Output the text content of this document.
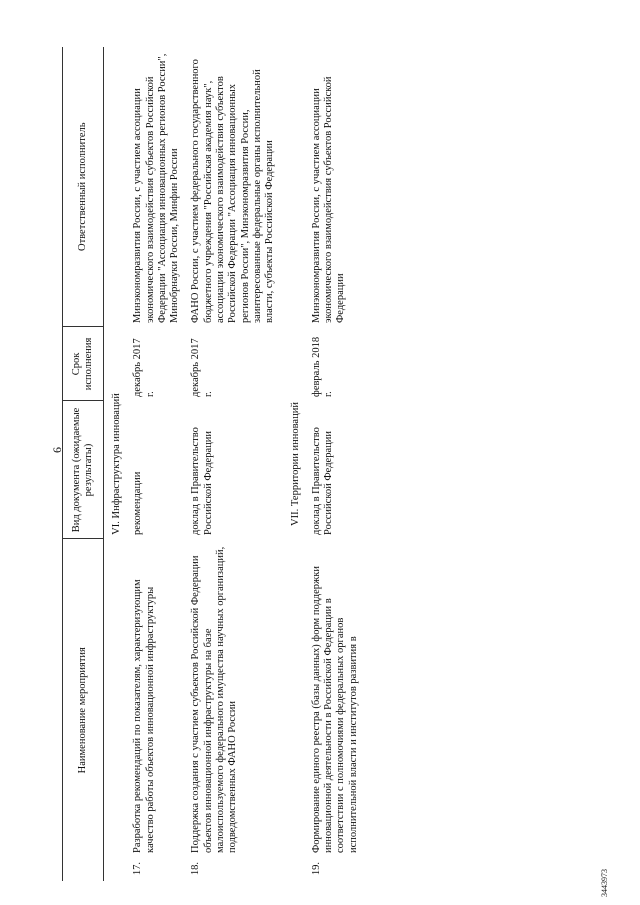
6
3443973
Наименование мероприятия		Вид документа (ожидаемые результаты)	Срок исполнения	Ответственный исполнитель
VI. Инфраструктура инноваций				
17.	Разработка рекомендаций по показателям, характеризующим качество работы объектов инновационной инфраструктуры	рекомендации	декабрь 2017 г.	Минэкономразвития России, с участием ассоциации экономического взаимодействия субъектов Российской Федерации "Ассоциация инновационных регионов России", Минобрнауки России, Минфин России
18.	Поддержка создания с участием субъектов Российской Федерации объектов инновационной инфраструктуры на базе малоиспользуемого федерального имущества научных организаций, подведомственных ФАНО России	доклад в Правительство Российской Федерации	декабрь 2017 г.	ФАНО России, с участием федерального государственного бюджетного учреждения "Российская академия наук", ассоциации экономического взаимодействия субъектов Российской Федерации "Ассоциация инновационных регионов России", Минэкономразвития России, заинтересованные федеральные органы исполнительной власти, субъекты Российской Федерации
VII. Территории инноваций				
19.	Формирование единого реестра (базы данных) форм поддержки инновационной деятельности в Российской Федерации в соответствии с полномочиями федеральных органов исполнительной власти и институтов развития в	доклад в Правительство Российской Федерации	февраль 2018 г.	Минэкономразвития России, с участием ассоциации экономического взаимодействия субъектов Российской Федерации
